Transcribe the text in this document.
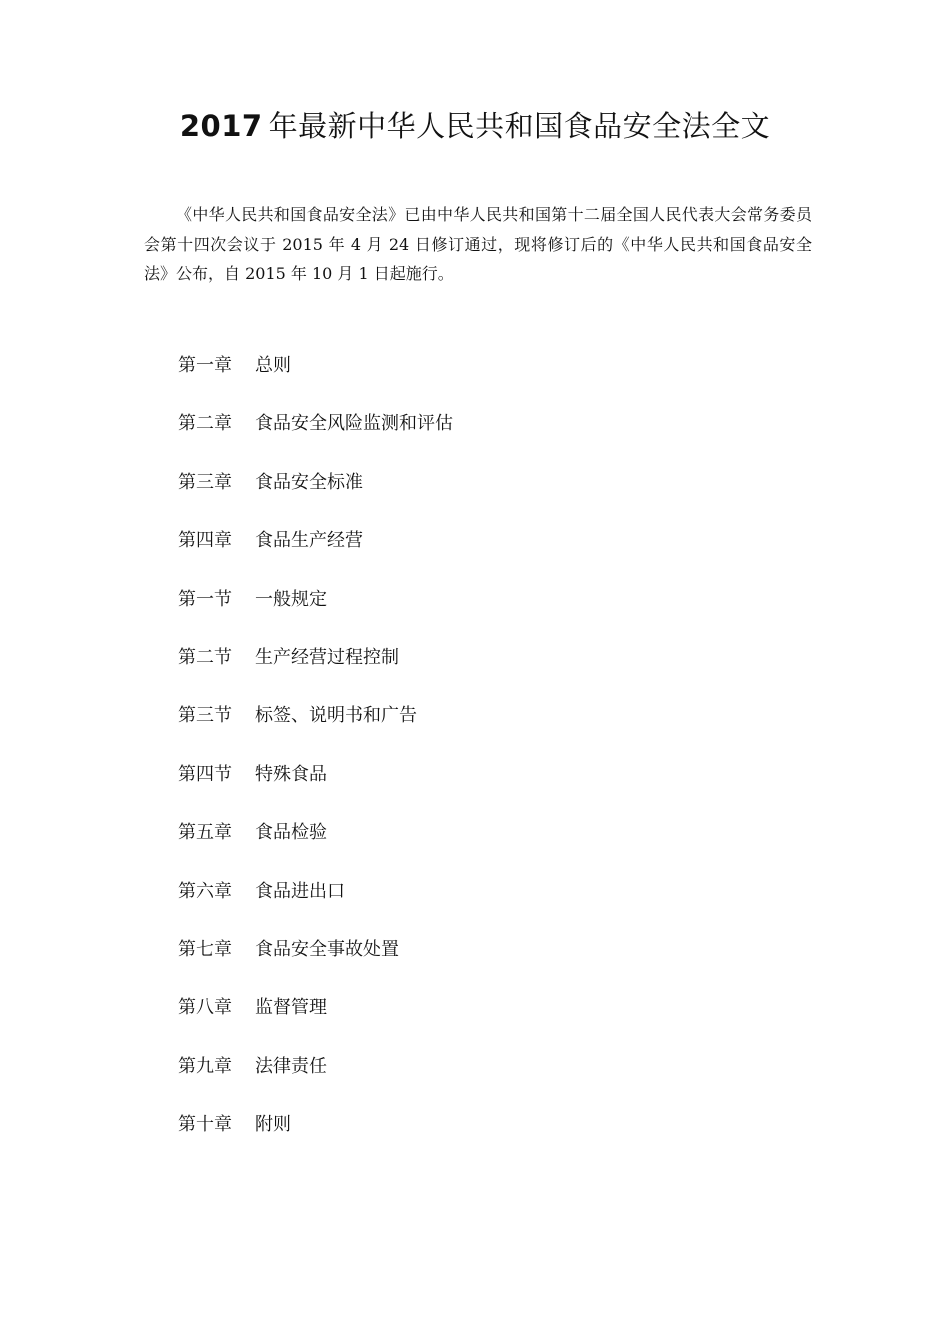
2017 年最新中华人民共和国食品安全法全文

《中华人民共和国食品安全法》已由中华人民共和国第十二届全国人民代表大会常务委员会第十四次会议于 2015 年 4 月 24 日修订通过，现将修订后的《中华人民共和国食品安全法》公布，自 2015 年 10 月 1 日起施行。

第一章 总则
第二章 食品安全风险监测和评估
第三章 食品安全标准
第四章 食品生产经营
第一节 一般规定
第二节 生产经营过程控制
第三节 标签、说明书和广告
第四节 特殊食品
第五章 食品检验
第六章 食品进出口
第七章 食品安全事故处置
第八章 监督管理
第九章 法律责任
第十章 附则
